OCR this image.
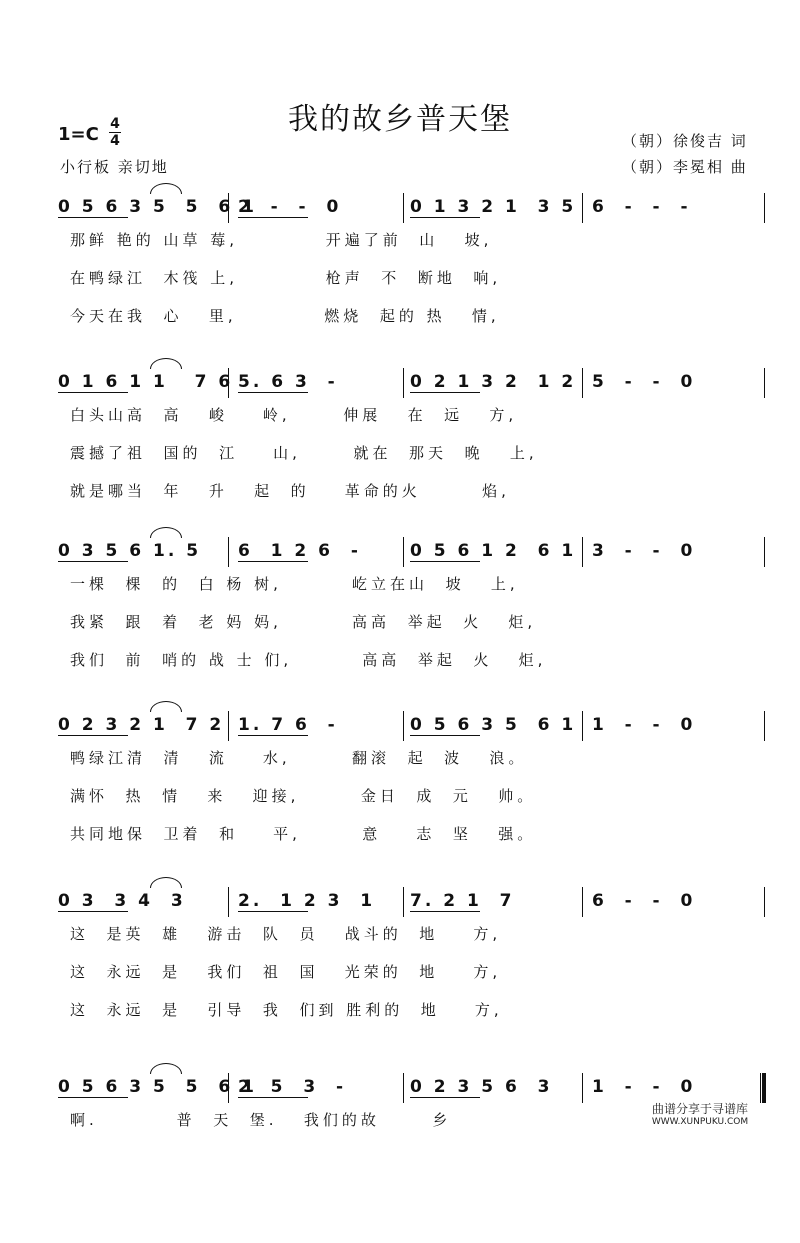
我的故乡普天堡
1=C 4
4
小行板 亲切地
（朝）徐俊吉 词
（朝）李冕相 曲
0 5 6 3 5  5  6 1
2  -  -  0	0 1 3 2 1  3 5 6  -  -  -
那鲜 艳的 山草 莓,          开遍了前  山   坡,
在鸭绿江  木筏 上,          枪声  不  断地  响,
今天在我  心   里,          燃烧  起的 热   情,
0 1 6 1 1   7 6 5. 6 3  -	0 2 1 3 2  1 2 5  -  -  0
白头山高  高   峻    岭,      伸展   在  远   方,
震撼了祖  国的  江    山,      就在  那天  晚   上,
就是哪当  年   升   起  的    革命的火       焰,
0 3 5 6 1. 5 6  1 2 6  -	0 5 6 1 2  6 1 3  -  -  0
一棵  棵  的  白 杨 树,        屹立在山  坡   上,
我紧  跟  着  老 妈 妈,        高高  举起  火   炬,
我们  前  哨的 战 士 们,        高高  举起  火   炬,
0 2 3 2 1  7 2 1. 7 6  -	0 5 6 3 5  6 1 1  -  -  0
鸭绿江清  清   流    水,       翻滚  起  波   浪。
满怀  热  情   来   迎接,       金日  成  元   帅。
共同地保  卫着  和    平,       意    志  坚   强。
0 3  3 4  3	2.  1 2 3  1 7. 2 1  7	6  -  -  0
这  是英  雄   游击  队  员   战斗的  地    方,
这  永远  是   我们  祖  国   光荣的  地    方,
这  永远  是   引导  我  们到 胜利的  地    方,
0 5 6 3 5  5  6 1
2  5  3  -	0 2 3 5 6  3 1  -  -  0
啊.         普  天  堡.   我们的故      乡
曲谱分享于寻谱库
WWW.XUNPUKU.COM
